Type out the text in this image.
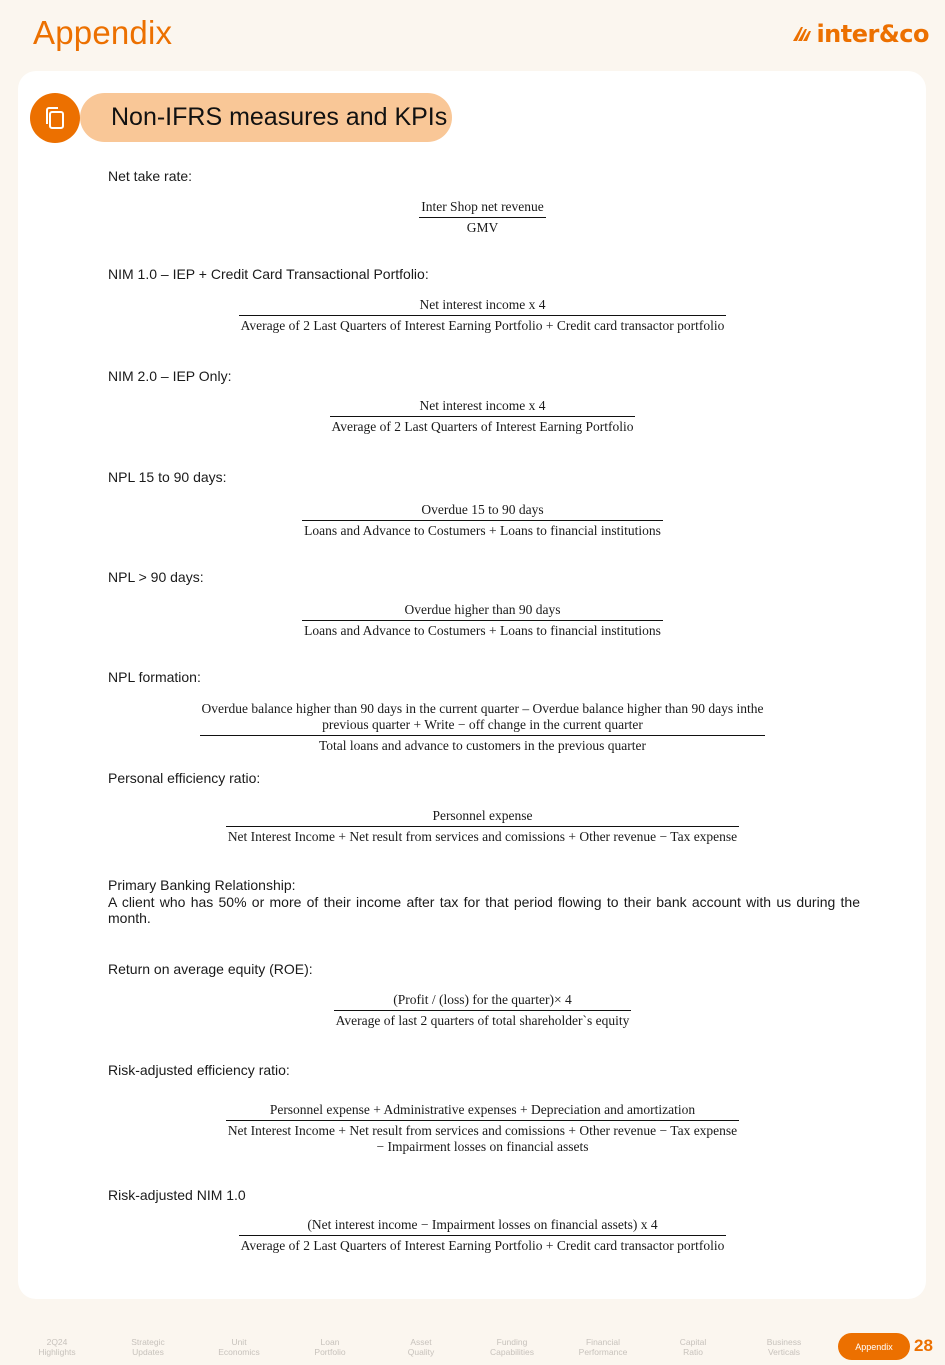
Appendix	inter&co
Non-IFRS measures and KPIs
Net take rate:
$\frac{\text{Inter Shop net revenue}}{\text{GMV}}$
NIM 1.0 – IEP + Credit Card Transactional Portfolio:
Net interest income x 4
Average of 2 Last Quarters of Interest Earning Portfolio + Credit card transactor portfolio
NIM 2.0 – IEP Only:
$\frac{\text{Net interest income x 4}}{\text{Average of 2 Last Quarters of Interest Earning Portfolio}}$
NPL 15 to 90 days:
Overdue 15 to 90 days
Loans and Advance to Costumers + Loans to financial institutions
NPL > 90 days:
Overdue higher than 90 days
Loans and Advance to Costumers + Loans to financial institutions
NPL formation:
Overdue balance higher than 90 days in the current quarter – Overdue balance higher than 90 days inthe
previous quarter + Write − off change in the current quarter
Total loans and advance to customers in the previous quarter
Personal efficiency ratio:
Personnel expense
Net Interest Income + Net result from services and comissions + Other revenue − Tax expense
Primary Banking Relationship:
A client who has 50% or more of their income after tax for that period flowing to their bank account with us during the month.
Return on average equity (ROE):
$\frac{\text{(Profit / (loss) for the quarter)× 4}}{\text{Average of last 2 quarters of total shareholder`s equity}}$
Risk-adjusted efficiency ratio:
Personnel expense + Administrative expenses + Depreciation and amortization
Net Interest Income + Net result from services and comissions + Other revenue − Tax expense
− Impairment losses on financial assets
Risk-adjusted NIM 1.0
(Net interest income − Impairment losses on financial assets) x 4
Average of 2 Last Quarters of Interest Earning Portfolio + Credit card transactor portfolio
2Q24
Highlights
Strategic
Updates
Unit
Economics
Loan
Portfolio
Asset
Quality
Funding
Capabilities
Financial
Performance
Capital
Ratio
Business
Verticals
Appendix	28
